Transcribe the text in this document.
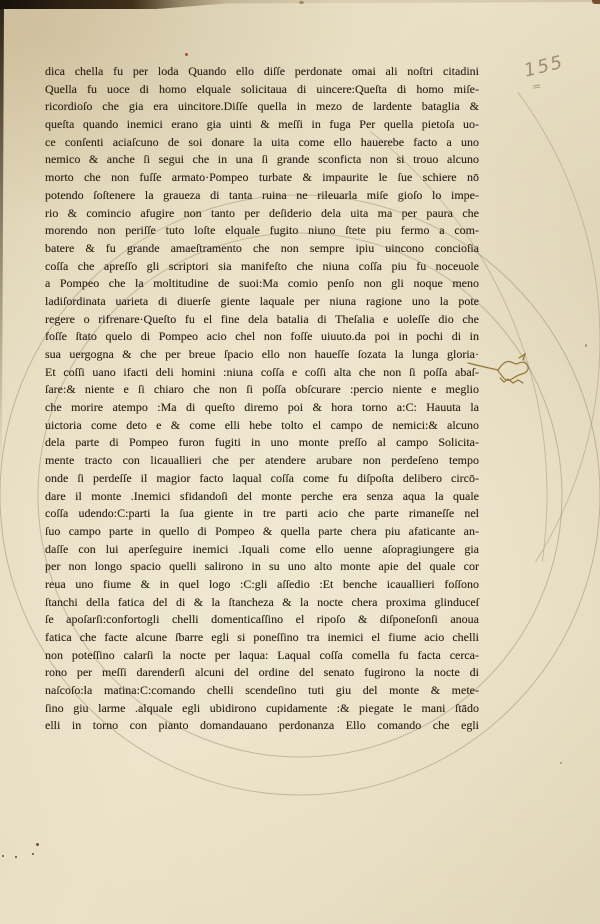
dica chella fu per loda Quando ello diſſe perdonate omai ali noſtri citadini
Quella fu uoce di homo elquale solicitaua di uincere:Queſta di homo miſe-
ricordioſo che gia era uincitore.Diſſe quella in mezo de lardente bataglia &
queſta quando inemici erano gia uinti & meſſi in fuga Per quella pietoſa uo-
ce conſenti aciaſcuno de soi donare la uita come ello hauerebe facto a uno
nemico & anche ſi segui che in una ſi grande sconficta non si trouo alcuno
morto che non fuſſe armato·Pompeo turbate & impaurite le ſue schiere nō
potendo ſoſtenere la graueza di tanta ruina ne rileuarla miſe gioſo lo impe-
rio & comincio afugire non tanto per deſiderio dela uita ma per paura che
morendo non periſſe tuto loſte elquale fugito niuno ſtete piu fermo a com-
batere & fu grande amaeſtramento che non sempre ipiu uincono concioſia
coſſa che apreſſo gli scriptori sia manifeſto che niuna coſſa piu fu noceuole
a Pompeo che la moltitudine de suoi:Ma comio penſo non gli noque meno
ladiſordinata uarieta di diuerſe giente laquale per niuna ragione uno la pote
regere o rifrenare·Queſto fu el fine dela batalia di Theſalia e uoleſſe dio che
foſſe ſtato quelo di Pompeo acio chel non foſſe uiuuto.da poi in pochi di in
sua uergogna & che per breue ſpacio ello non haueſſe ſozata la lunga gloria·
Et coſſi uano ifacti deli homini :niuna coſſa e coſſi alta che non ſi poſſa abaſ-
ſare:& niente e ſi chiaro che non ſi poſſa obſcurare :percio niente e meglio
che morire atempo :Ma di queſto diremo poi & hora torno a:C: Hauuta la
uictoria come deto e & come elli hebe tolto el campo de nemici:& alcuno
dela parte di Pompeo furon fugiti in uno monte preſſo al campo Solicita-
mente tracto con licauallieri che per atendere arubare non perdeſeno tempo
onde ſi perdeſſe il magior facto laqual coſſa come fu diſpoſta delibero circō-
dare il monte .Inemici sfidandoſi del monte perche era senza aqua la quale
coſſa udendo:C:parti la ſua giente in tre parti acio che parte rimaneſſe nel
ſuo campo parte in quello di Pompeo & quella parte chera piu afaticante an-
daſſe con lui aperſeguire inemici .Iquali come ello uenne aſopragiungere gia
per non longo spacio quelli salirono in su uno alto monte apie del quale cor
reua uno fiume & in quel logo :C:gli aſſedio :Et benche icauallieri foſſono
ſtanchi della fatica del di & la ſtancheza & la nocte chera proxima glinduceſ
ſe apoſarſi:confortogli chelli domenticaſſino el ripoſo & diſponeſonſi anoua
fatica che facte alcune ſbarre egli si poneſſino tra inemici el fiume acio chelli
non poteſſino calarſi la nocte per laqua: Laqual coſſa comella fu facta cerca-
rono per meſſi darenderſi alcuni del ordine del senato fugirono la nocte di
naſcoſo:la matina:C:comando chelli scendeſino tuti giu del monte & mete-
ſino giu larme .alquale egli ubidirono cupidamente :& piegate le mani ſtādo
elli in torno con pianto domandauano perdonanza Ello comando che egli
155
=
